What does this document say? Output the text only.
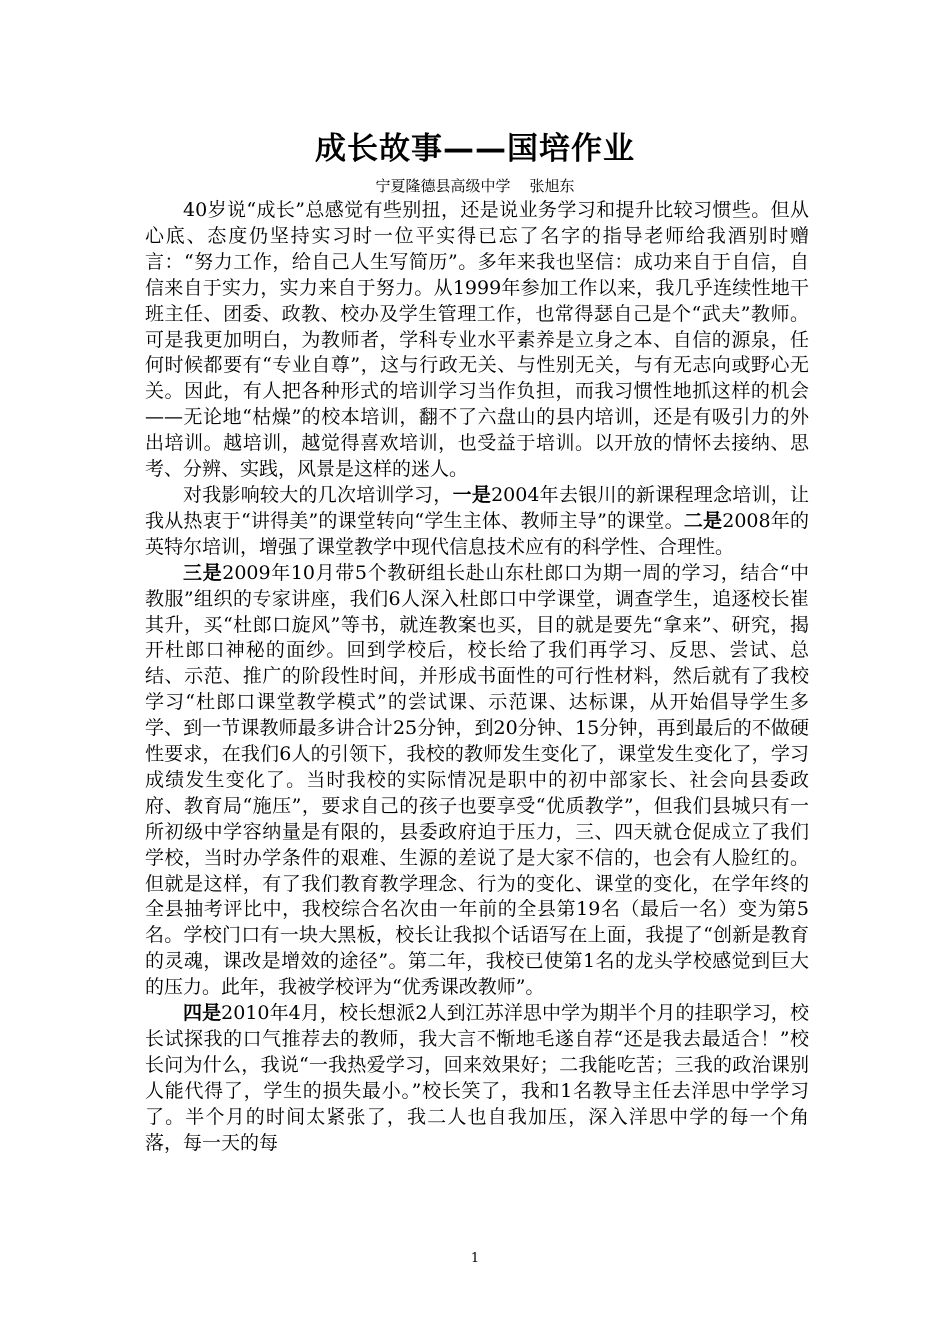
成长故事——国培作业
宁夏隆德县高级中学    张旭东

40岁说“成长”总感觉有些别扭，还是说业务学习和提升比较习惯些。但从心底、态度仍坚持实习时一位平实得已忘了名字的指导老师给我酒别时赠言：“努力工作，给自己人生写简历”。多年来我也坚信：成功来自于自信，自信来自于实力，实力来自于努力。从1999年参加工作以来，我几乎连续性地干班主任、团委、政教、校办及学生管理工作，也常得瑟自己是个“武夫”教师。可是我更加明白，为教师者，学科专业水平素养是立身之本、自信的源泉，任何时候都要有“专业自尊”，这与行政无关、与性别无关，与有无志向或野心无关。因此，有人把各种形式的培训学习当作负担，而我习惯性地抓这样的机会——无论地“枯燥”的校本培训，翻不了六盘山的县内培训，还是有吸引力的外出培训。越培训，越觉得喜欢培训，也受益于培训。以开放的情怀去接纳、思考、分辨、实践，风景是这样的迷人。

对我影响较大的几次培训学习，一是2004年去银川的新课程理念培训，让我从热衷于“讲得美”的课堂转向“学生主体、教师主导”的课堂。二是2008年的英特尔培训，增强了课堂教学中现代信息技术应有的科学性、合理性。

三是2009年10月带5个教研组长赴山东杜郎口为期一周的学习，结合“中教服”组织的专家讲座，我们6人深入杜郎口中学课堂，调查学生，追逐校长崔其升，买“杜郎口旋风”等书，就连教案也买，目的就是要先“拿来”、研究，揭开杜郎口神秘的面纱。回到学校后，校长给了我们再学习、反思、尝试、总结、示范、推广的阶段性时间，并形成书面性的可行性材料，然后就有了我校学习“杜郎口课堂教学模式”的尝试课、示范课、达标课，从开始倡导学生多学、到一节课教师最多讲合计25分钟，到20分钟、15分钟，再到最后的不做硬性要求，在我们6人的引领下，我校的教师发生变化了，课堂发生变化了，学习成绩发生变化了。当时我校的实际情况是职中的初中部家长、社会向县委政府、教育局“施压”，要求自己的孩子也要享受“优质教学”，但我们县城只有一所初级中学容纳量是有限的，县委政府迫于压力，三、四天就仓促成立了我们学校，当时办学条件的艰难、生源的差说了是大家不信的，也会有人脸红的。但就是这样，有了我们教育教学理念、行为的变化、课堂的变化，在学年终的全县抽考评比中，我校综合名次由一年前的全县第19名（最后一名）变为第5名。学校门口有一块大黑板，校长让我拟个话语写在上面，我提了“创新是教育的灵魂，课改是增效的途径”。第二年，我校已使第1名的龙头学校感觉到巨大的压力。此年，我被学校评为“优秀课改教师”。

四是2010年4月，校长想派2人到江苏洋思中学为期半个月的挂职学习，校长试探我的口气推荐去的教师，我大言不惭地毛遂自荐“还是我去最适合！”校长问为什么，我说“一我热爱学习，回来效果好；二我能吃苦；三我的政治课别人能代得了，学生的损失最小。”校长笑了，我和1名教导主任去洋思中学学习了。半个月的时间太紧张了，我二人也自我加压，深入洋思中学的每一个角落，每一天的每

1
